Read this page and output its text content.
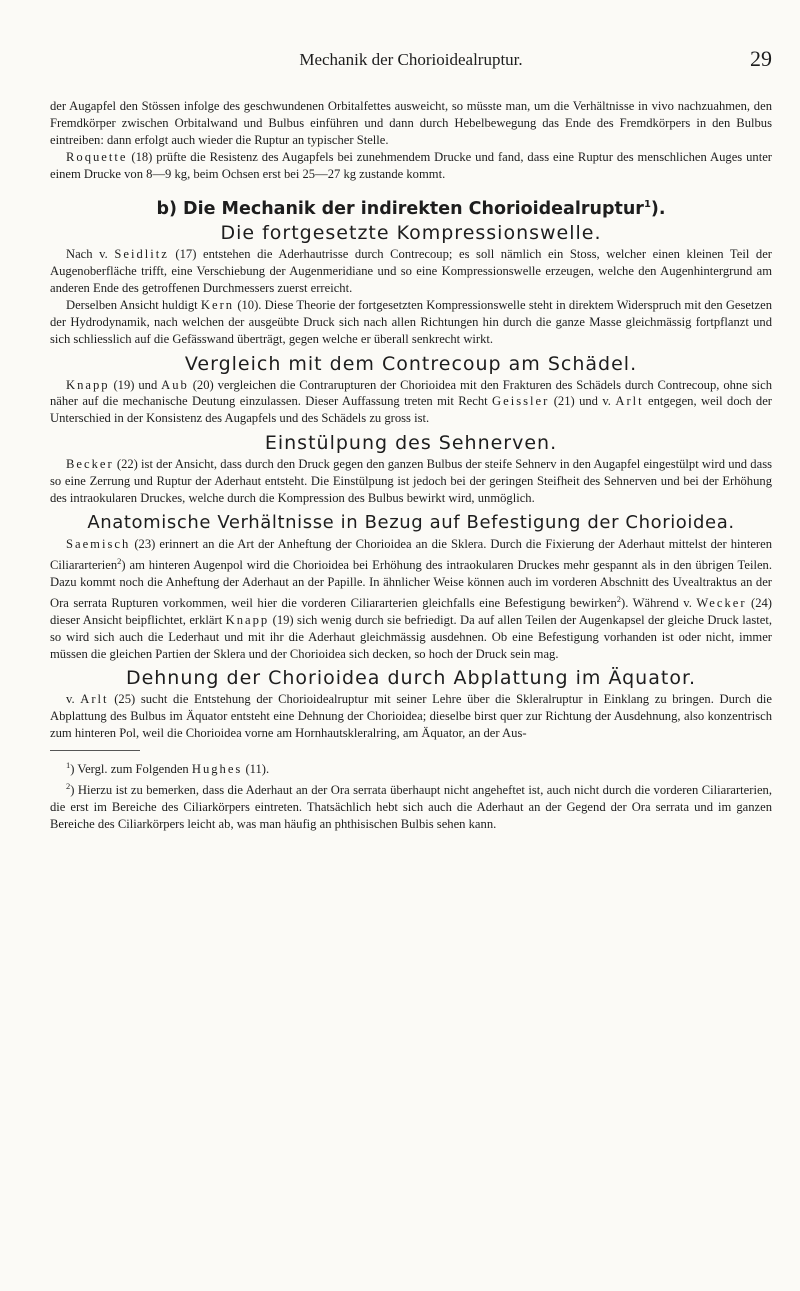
Mechanik der Chorioidealruptur.	29

der Augapfel den Stössen infolge des geschwundenen Orbitalfettes ausweicht, so müsste man, um die Verhältnisse in vivo nachzuahmen, den Fremdkörper zwischen Orbitalwand und Bulbus einführen und dann durch Hebelbewegung das Ende des Fremdkörpers in den Bulbus eintreiben: dann erfolgt auch wieder die Ruptur an typischer Stelle.

Roquette (18) prüfte die Resistenz des Augapfels bei zunehmendem Drucke und fand, dass eine Ruptur des menschlichen Auges unter einem Drucke von 8—9 kg, beim Ochsen erst bei 25—27 kg zustande kommt.

b) Die Mechanik der indirekten Chorioidealruptur$^1$).
Die fortgesetzte Kompressionswelle.

Nach v. Seidlitz (17) entstehen die Aderhautrisse durch Contrecoup; es soll nämlich ein Stoss, welcher einen kleinen Teil der Augenoberfläche trifft, eine Verschiebung der Augenmeridiane und so eine Kompressionswelle erzeugen, welche den Augenhintergrund am anderen Ende des getroffenen Durchmessers zuerst erreicht.

Derselben Ansicht huldigt Kern (10). Diese Theorie der fortgesetzten Kompressionswelle steht in direktem Widerspruch mit den Gesetzen der Hydrodynamik, nach welchen der ausgeübte Druck sich nach allen Richtungen hin durch die ganze Masse gleichmässig fortpflanzt und sich schliesslich auf die Gefässwand überträgt, gegen welche er überall senkrecht wirkt.

Vergleich mit dem Contrecoup am Schädel.

Knapp (19) und Aub (20) vergleichen die Contrarupturen der Chorioidea mit den Frakturen des Schädels durch Contrecoup, ohne sich näher auf die mechanische Deutung einzulassen. Dieser Auffassung treten mit Recht Geissler (21) und v. Arlt entgegen, weil doch der Unterschied in der Konsistenz des Augapfels und des Schädels zu gross ist.

Einstülpung des Sehnerven.

Becker (22) ist der Ansicht, dass durch den Druck gegen den ganzen Bulbus der steife Sehnerv in den Augapfel eingestülpt wird und dass so eine Zerrung und Ruptur der Aderhaut entsteht. Die Einstülpung ist jedoch bei der geringen Steifheit des Sehnerven und bei der Erhöhung des intraokularen Druckes, welche durch die Kompression des Bulbus bewirkt wird, unmöglich.

Anatomische Verhältnisse in Bezug auf Befestigung der Chorioidea.

Saemisch (23) erinnert an die Art der Anheftung der Chorioidea an die Sklera. Durch die Fixierung der Aderhaut mittelst der hinteren Ciliararterien$^2$) am hinteren Augenpol wird die Chorioidea bei Erhöhung des intraokularen Druckes mehr gespannt als in den übrigen Teilen. Dazu kommt noch die Anheftung der Aderhaut an der Papille. In ähnlicher Weise können auch im vorderen Abschnitt des Uvealtraktus an der Ora serrata Rupturen vorkommen, weil hier die vorderen Ciliararterien gleichfalls eine Befestigung bewirken$^2$). Während v. Wecker (24) dieser Ansicht beipflichtet, erklärt Knapp (19) sich wenig durch sie befriedigt. Da auf allen Teilen der Augenkapsel der gleiche Druck lastet, so wird sich auch die Lederhaut und mit ihr die Aderhaut gleichmässig ausdehnen. Ob eine Befestigung vorhanden ist oder nicht, immer müssen die gleichen Partien der Sklera und der Chorioidea sich decken, so hoch der Druck sein mag.

Dehnung der Chorioidea durch Abplattung im Äquator.

v. Arlt (25) sucht die Entstehung der Chorioidealruptur mit seiner Lehre über die Skleralruptur in Einklang zu bringen. Durch die Abplattung des Bulbus im Äquator entsteht eine Dehnung der Chorioidea; dieselbe birst quer zur Richtung der Ausdehnung, also konzentrisch zum hinteren Pol, weil die Chorioidea vorne am Hornhautskleralring, am Äquator, an der Aus-

$^1$) Vergl. zum Folgenden Hughes (11).

$^2$) Hierzu ist zu bemerken, dass die Aderhaut an der Ora serrata überhaupt nicht angeheftet ist, auch nicht durch die vorderen Ciliararterien, die erst im Bereiche des Ciliarkörpers eintreten. Thatsächlich hebt sich auch die Aderhaut an der Gegend der Ora serrata und im ganzen Bereiche des Ciliarkörpers leicht ab, was man häufig an phthisischen Bulbis sehen kann.
